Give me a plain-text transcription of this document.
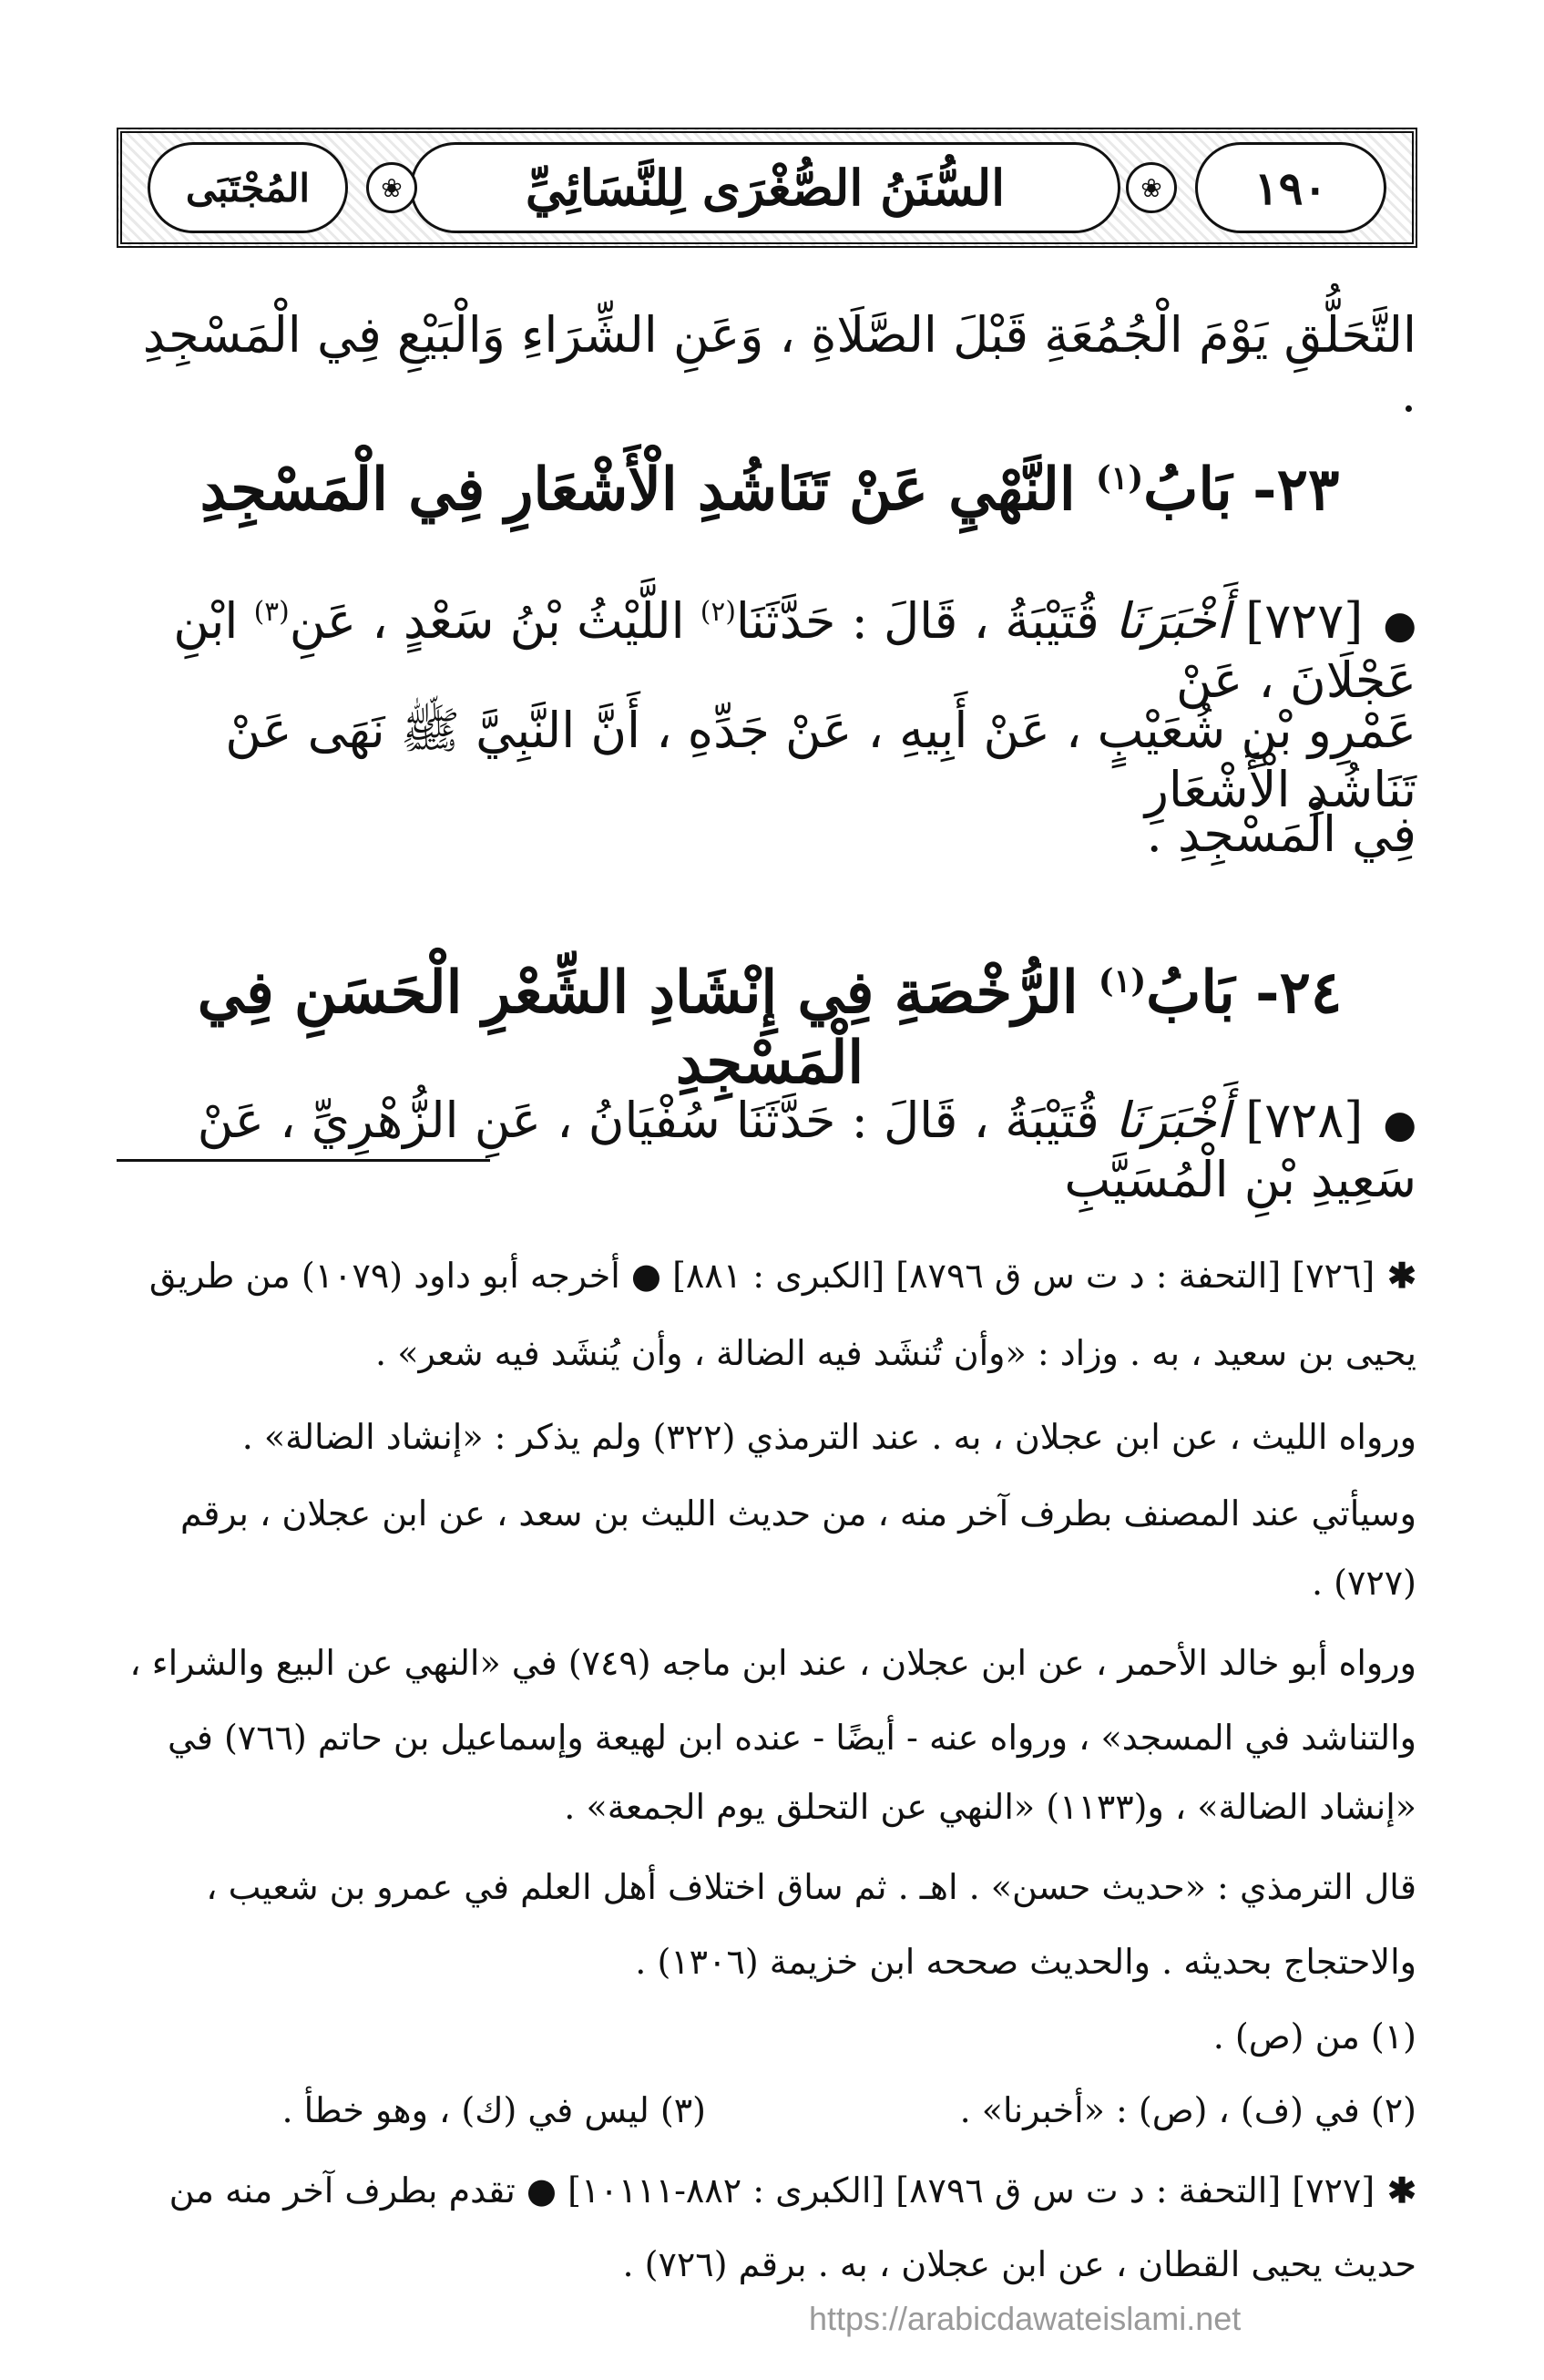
١٩٠
❀
السُّنَنُ الصُّغْرَى لِلنَّسَائِيِّ
❀
المُجْتَبَى
التَّحَلُّقِ يَوْمَ الْجُمُعَةِ قَبْلَ الصَّلَاةِ ، وَعَنِ الشِّرَاءِ وَالْبَيْعِ فِي الْمَسْجِدِ .
٢٣- بَابُ$^{(١)}$ النَّهْيِ عَنْ تَنَاشُدِ الْأَشْعَارِ فِي الْمَسْجِدِ
●[٧٢٧] أَخْبَرَنَا قُتَيْبَةُ ، قَالَ : حَدَّثَنَا$^{(٢)}$ اللَّيْثُ بْنُ سَعْدٍ ، عَنِ$^{(٣)}$ ابْنِ عَجْلَانَ ، عَنْ
عَمْرِو بْنِ شُعَيْبٍ ، عَنْ أَبِيهِ ، عَنْ جَدِّهِ ، أَنَّ النَّبِيَّ ﷺ نَهَى عَنْ تَنَاشُدِ الْأَشْعَارِ
فِي الْمَسْجِدِ .
٢٤- بَابُ$^{(١)}$ الرُّخْصَةِ فِي إِنْشَادِ الشِّعْرِ الْحَسَنِ فِي الْمَسْجِدِ
●[٧٢٨] أَخْبَرَنَا قُتَيْبَةُ ، قَالَ : حَدَّثَنَا سُفْيَانُ ، عَنِ الزُّهْرِيِّ ، عَنْ سَعِيدِ بْنِ الْمُسَيَّبِ
✱[٧٢٦] [التحفة : د ت س ق ٨٧٩٦] [الكبرى : ٨٨١] ● أخرجه أبو داود (١٠٧٩) من طريق
يحيى بن سعيد ، به . وزاد : «وأن تُنشَد فيه الضالة ، وأن يُنشَد فيه شعر» .
ورواه الليث ، عن ابن عجلان ، به . عند الترمذي (٣٢٢) ولم يذكر : «إنشاد الضالة» .
وسيأتي عند المصنف بطرف آخر منه ، من حديث الليث بن سعد ، عن ابن عجلان ، برقم
(٧٢٧) .
ورواه أبو خالد الأحمر ، عن ابن عجلان ، عند ابن ماجه (٧٤٩) في «النهي عن البيع والشراء ،
والتناشد في المسجد» ، ورواه عنه - أيضًا - عنده ابن لهيعة وإسماعيل بن حاتم (٧٦٦) في
«إنشاد الضالة» ، و(١١٣٣) «النهي عن التحلق يوم الجمعة» .
قال الترمذي : «حديث حسن» . اهـ . ثم ساق اختلاف أهل العلم في عمرو بن شعيب ،
والاحتجاج بحديثه . والحديث صححه ابن خزيمة (١٣٠٦) .
(١) من (ص) .
(٢) في (ف) ، (ص) : «أخبرنا» .
(٣) ليس في (ك) ، وهو خطأ .
✱[٧٢٧] [التحفة : د ت س ق ٨٧٩٦] [الكبرى : ٨٨٢-١٠١١١] ● تقدم بطرف آخر منه من
حديث يحيى القطان ، عن ابن عجلان ، به . برقم (٧٢٦) .
https://arabicdawateislami.net
